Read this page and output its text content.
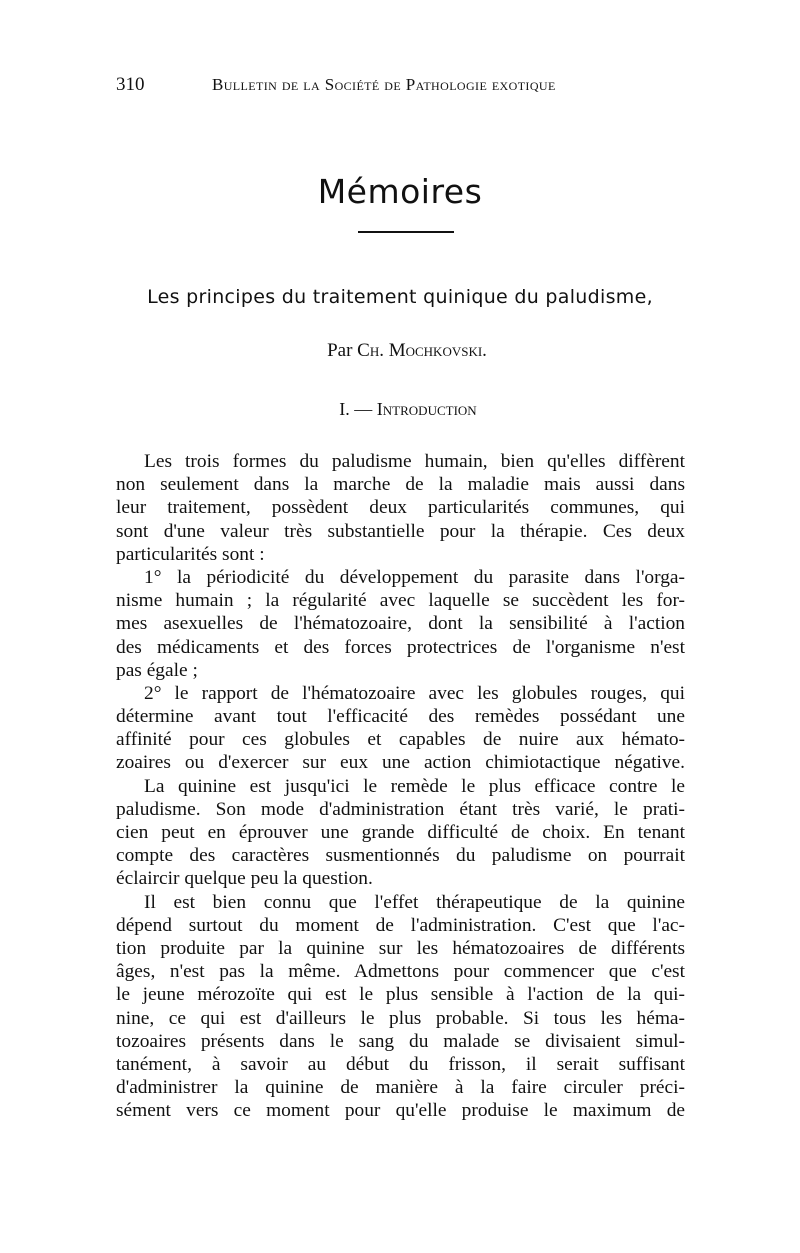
310	Bulletin de la Société de Pathologie exotique
Mémoires
Les principes du traitement quinique du paludisme,
Par Ch. Mochkovski.
I. — Introduction
Les trois formes du paludisme humain, bien qu'elles diffèrent
non seulement dans la marche de la maladie mais aussi dans
leur traitement, possèdent deux particularités communes, qui
sont d'une valeur très substantielle pour la thérapie. Ces deux
particularités sont :
1° la périodicité du développement du parasite dans l'orga-
nisme humain ; la régularité avec laquelle se succèdent les for-
mes asexuelles de l'hématozoaire, dont la sensibilité à l'action
des médicaments et des forces protectrices de l'organisme n'est
pas égale ;
2° le rapport de l'hématozoaire avec les globules rouges, qui
détermine avant tout l'efficacité des remèdes possédant une
affinité pour ces globules et capables de nuire aux hémato-
zoaires ou d'exercer sur eux une action chimiotactique négative.
La quinine est jusqu'ici le remède le plus efficace contre le
paludisme. Son mode d'administration étant très varié, le prati-
cien peut en éprouver une grande difficulté de choix. En tenant
compte des caractères susmentionnés du paludisme on pourrait
éclaircir quelque peu la question.
Il est bien connu que l'effet thérapeutique de la quinine
dépend surtout du moment de l'administration. C'est que l'ac-
tion produite par la quinine sur les hématozoaires de différents
âges, n'est pas la même. Admettons pour commencer que c'est
le jeune mérozoïte qui est le plus sensible à l'action de la qui-
nine, ce qui est d'ailleurs le plus probable. Si tous les héma-
tozoaires présents dans le sang du malade se divisaient simul-
tanément, à savoir au début du frisson, il serait suffisant
d'administrer la quinine de manière à la faire circuler préci-
sément vers ce moment pour qu'elle produise le maximum de
